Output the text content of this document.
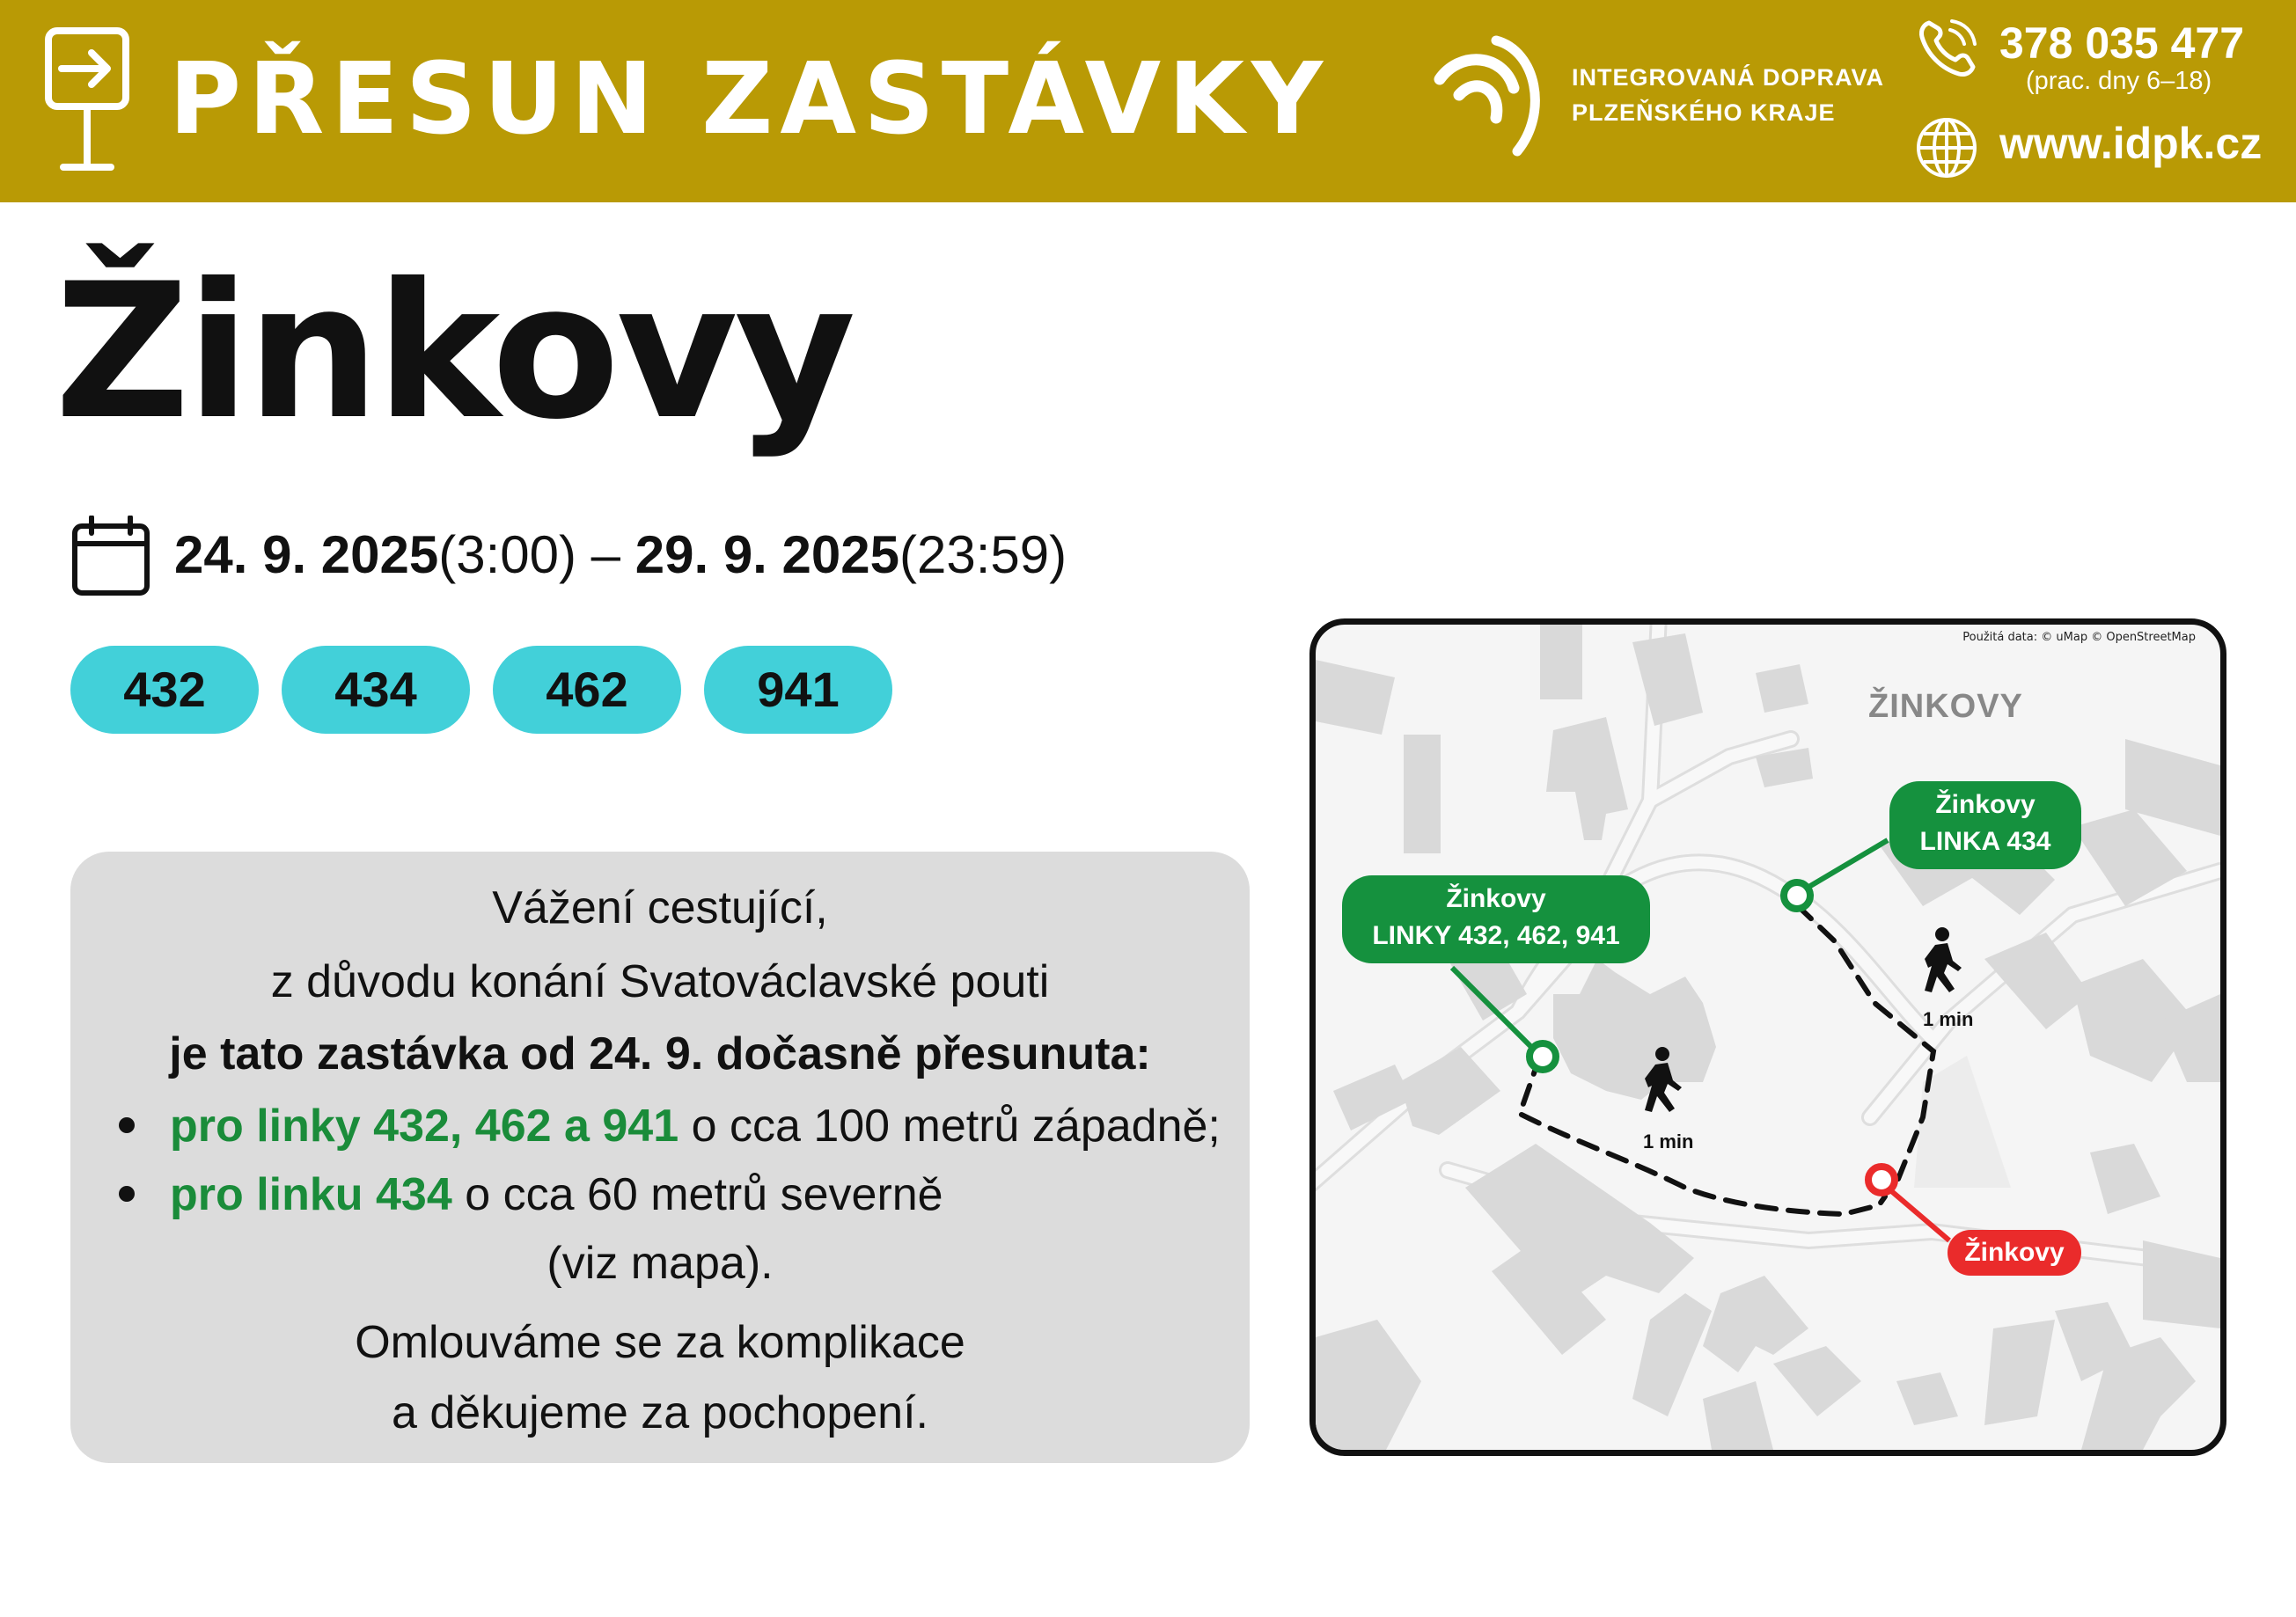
PŘESUN ZASTÁVKY	INTEGROVANÁ DOPRAVA
PLZEŇSKÉHO KRAJE
378 035 477
(prac. dny 6–18)
www.idpk.cz
Žinkovy
24. 9. 2025(3:00) – 29. 9. 2025(23:59)
432	434	462	941
Vážení cestující,
z důvodu konání Svatováclavské pouti
je tato zastávka od 24. 9. dočasně přesunuta:
pro linky 432, 462 a 941 o cca 100 metrů západně;
pro linku 434 o cca 60 metrů severně
(viz mapa).
Omlouváme se za komplikace
a děkujeme za pochopení.
Použitá data: © uMap © OpenStreetMap
ŽINKOVY
Žinkovy
LINKY 432, 462, 941
Žinkovy
LINKA 434
Žinkovy
1 min
1 min
